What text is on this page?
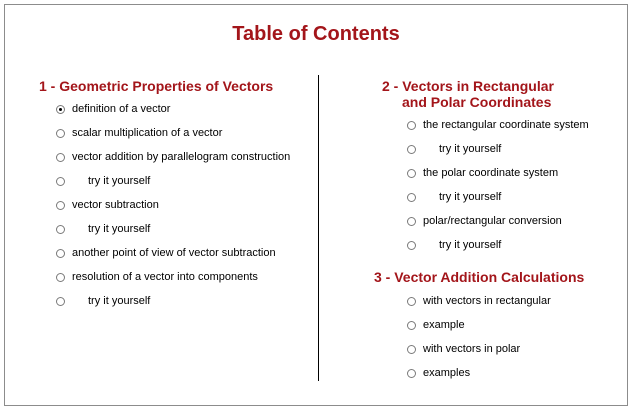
Table of Contents
1 - Geometric Properties of Vectors	2 - Vectors in Rectangular
and Polar Coordinates
3 - Vector Addition Calculations
definition of a vector
scalar multiplication of a vector
vector addition by parallelogram construction
try it yourself
vector subtraction
try it yourself
another point of view of vector subtraction
resolution of a vector into components
try it yourself
the rectangular coordinate system
try it yourself
the polar coordinate system
try it yourself
polar/rectangular conversion
try it yourself
with vectors in rectangular
example
with vectors in polar
examples
